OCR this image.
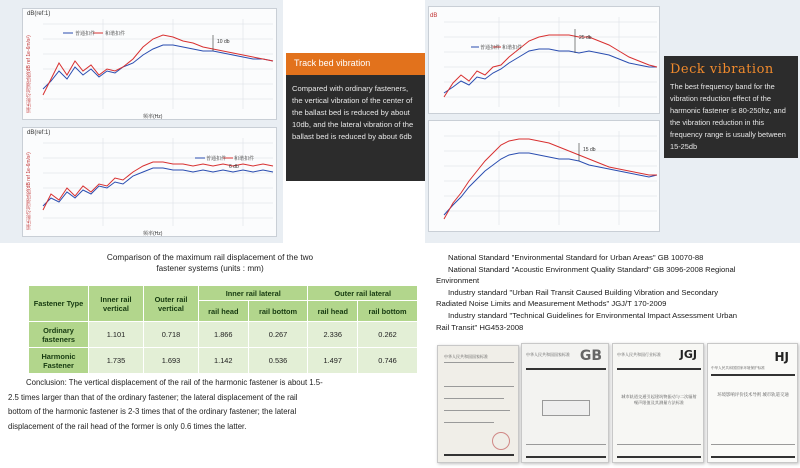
dB(ref:1)
道床振动加速度级(dB ref 1e-6m/s²)
普通扣件 和谐扣件
10 db
频率(Hz)
dB(ref:1)
道床振动加速度级(dB ref 1e-6m/s²)	普通扣件 和谐扣件
6 db
频率(Hz)
Track bed vibration
Compared with ordinary fasteners, the vertical vibration of the center of the ballast bed is reduced by about 10db, and the lateral vibration of the ballast bed is reduced by about 6db
dB
普通扣件 和谐扣件
25 db
15 db
Deck vibration
The best frequency band for the vibration reduction effect of the harmonic fastener is 80-250hz, and the vibration reduction in this frequency range is usually between 15-25db
Comparison of the maximum rail displacement of the two
fastener systems (units : mm)
Fastener Type	Inner rail vertical	Outer rail vertical	Inner rail lateral		Outer rail lateral	
			rail head	rail bottom	rail head	rail bottom
Ordinary fasteners	1.101	0.718	1.866	0.267	2.336	0.262
Harmonic Fastener	1.735	1.693	1.142	0.536	1.497	0.746
Conclusion: The vertical displacement of the rail of the harmonic fastener is about 1.5-
2.5 times larger than that of the ordinary fastener; the lateral displacement of the rail
bottom of the harmonic fastener is 2-3 times that of the ordinary fastener; the lateral
displacement of the rail head of the former is only 0.6 times the latter.
National Standard "Environmental Standard for Urban Areas" GB 10070-88
National Standard "Acoustic Environment Quality Standard" GB 3096-2008 Regional
Environment
Industry standard "Urban Rail Transit Caused Building Vibration and Secondary
Radiated Noise Limits and Measurement Methods" JGJ/T 170-2009
Industry standard "Technical Guidelines for Environmental Impact Assessment Urban
Rail Transit" HG453-2008
中华人民共和国国家标准	中华人民共和国国家标准 GB	中华人民共和国行业标准 JGJ
城市轨道交通引起建筑物振动与二次辐射噪声限值及其测量方法标准
HJ
中华人民共和国国家环境保护标准
环境影响评价技术导则 城市轨道交通
